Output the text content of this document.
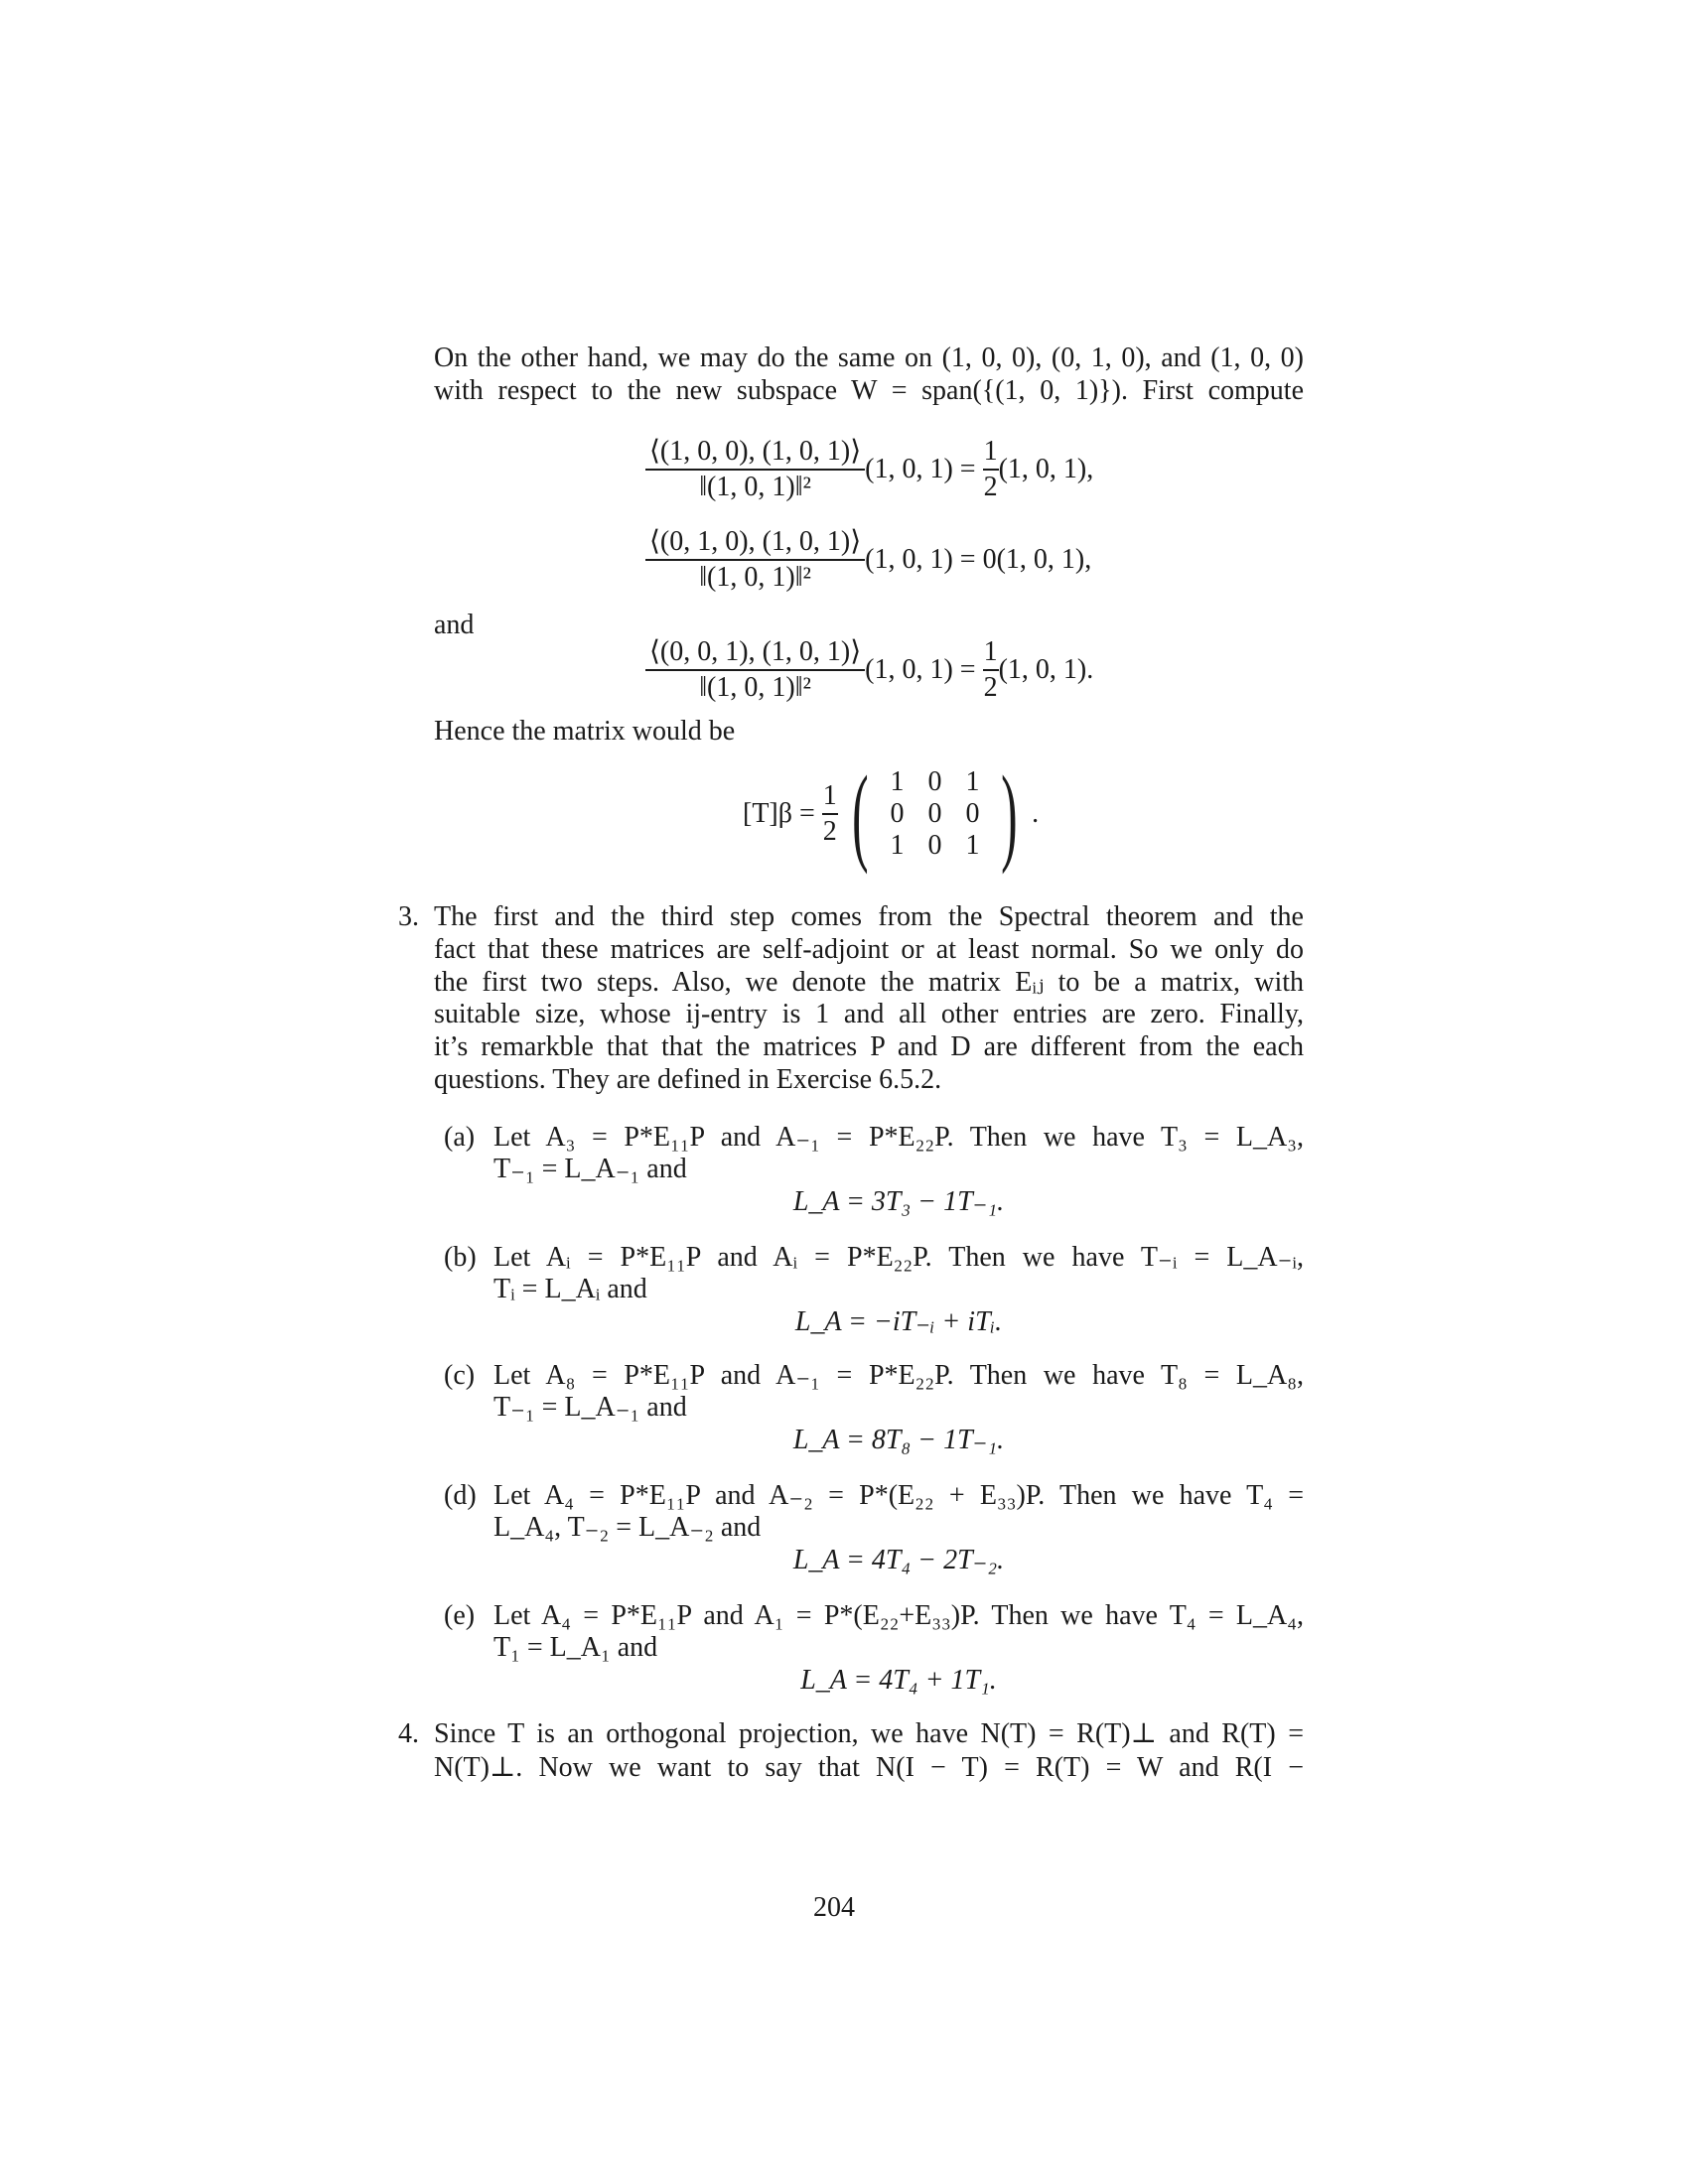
On the other hand, we may do the same on (1, 0, 0), (0, 1, 0), and (1, 0, 0)
with respect to the new subspace W = span({(1, 0, 1)}). First compute
$\frac{⟨(1, 0, 0), (1, 0, 1)⟩}{\text{‖(1, 0, 1)‖²}} (1$, 0, $1) = \frac{1}{2} (1$, 0, 1),
$\frac{⟨(0, 1, 0), (1, 0, 1)⟩}{\text{‖(1, 0, 1)‖²}} (1$, 0, 1) = 0(1, 0, 1),
and
$\frac{⟨(0, 0, 1), (1, 0, 1)⟩}{\text{‖(1, 0, 1)‖²}} (1$, 0, $1) = \frac{1}{2} (1$, 0, 1).
Hence the matrix would be
$[T]\beta = \frac{1}{2}$ ( 1 0 1
0 0 0
1 0 1 ) .
3. The first and the third step comes from the Spectral theorem and the
fact that these matrices are self-adjoint or at least normal. So we only do
the first two steps. Also, we denote the matrix Eᵢⱼ to be a matrix, with
suitable size, whose ij-entry is 1 and all other entries are zero. Finally,
it’s remarkble that that the matrices P and D are different from the each
questions. They are defined in Exercise 6.5.2.
(a) Let A₃ = P*E₁₁P and A₋₁ = P*E₂₂P. Then we have T₃ = L_A₃,
T₋₁ = L_A₋₁ and
L_A = 3T₃ − 1T₋₁.
(b) Let Aᵢ = P*E₁₁P and Aᵢ = P*E₂₂P. Then we have T₋ᵢ = L_A₋ᵢ,
Tᵢ = L_Aᵢ and
L_A = −iT₋ᵢ + iTᵢ.
(c) Let A₈ = P*E₁₁P and A₋₁ = P*E₂₂P. Then we have T₈ = L_A₈,
T₋₁ = L_A₋₁ and
L_A = 8T₈ − 1T₋₁.
(d) Let A₄ = P*E₁₁P and A₋₂ = P*(E₂₂ + E₃₃)P. Then we have T₄ =
L_A₄, T₋₂ = L_A₋₂ and
L_A = 4T₄ − 2T₋₂.
(e) Let A₄ = P*E₁₁P and A₁ = P*(E₂₂+E₃₃)P. Then we have T₄ = L_A₄,
T₁ = L_A₁ and
L_A = 4T₄ + 1T₁.
4. Since T is an orthogonal projection, we have N(T) = R(T)⊥ and R(T) =
N(T)⊥. Now we want to say that N(I − T) = R(T) = W and R(I −
204
